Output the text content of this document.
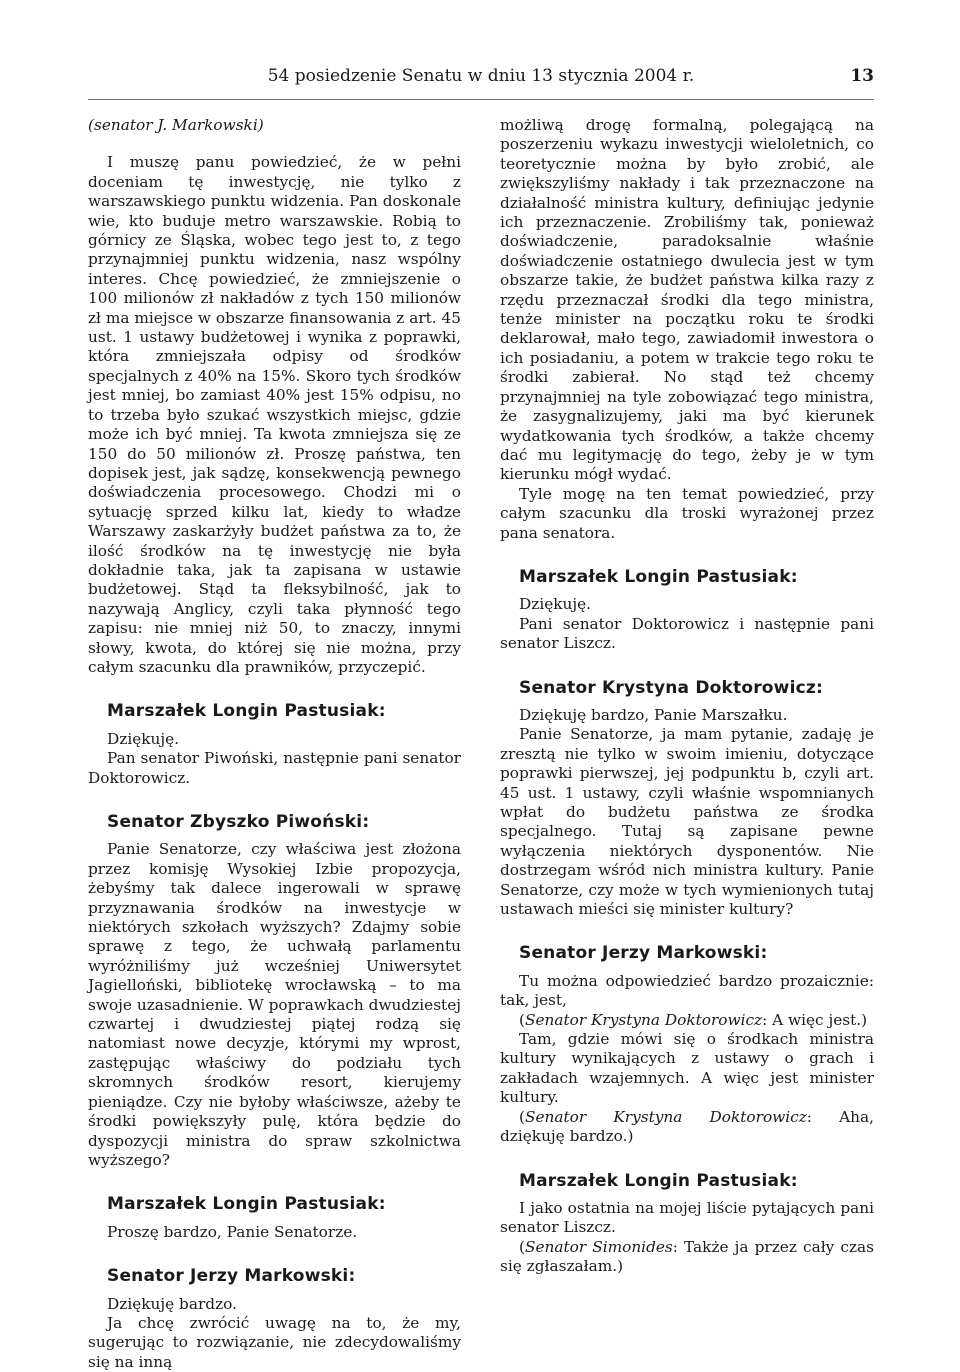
54 posiedzenie Senatu w dniu 13 stycznia 2004 r.	13

(senator J. Markowski)

I muszę panu powiedzieć, że w pełni doceniam tę inwestycję, nie tylko z warszawskiego punktu widzenia. Pan doskonale wie, kto buduje metro warszawskie. Robią to górnicy ze Śląska, wobec tego jest to, z tego przynajmniej punktu widzenia, nasz wspólny interes. Chcę powiedzieć, że zmniejszenie o 100 milionów zł nakładów z tych 150 milionów zł ma miejsce w obszarze finansowania z art. 45 ust. 1 ustawy budżetowej i wynika z poprawki, która zmniejszała odpisy od środków specjalnych z 40% na 15%. Skoro tych środków jest mniej, bo zamiast 40% jest 15% odpisu, no to trzeba było szukać wszystkich miejsc, gdzie może ich być mniej. Ta kwota zmniejsza się ze 150 do 50 milionów zł. Proszę państwa, ten dopisek jest, jak sądzę, konsekwencją pewnego doświadczenia procesowego. Chodzi mi o sytuację sprzed kilku lat, kiedy to władze Warszawy zaskarżyły budżet państwa za to, że ilość środków na tę inwestycję nie była dokładnie taka, jak ta zapisana w ustawie budżetowej. Stąd ta fleksybilność, jak to nazywają Anglicy, czyli taka płynność tego zapisu: nie mniej niż 50, to znaczy, innymi słowy, kwota, do której się nie można, przy całym szacunku dla prawników, przyczepić.

Marszałek Longin Pastusiak:

Dziękuję.

Pan senator Piwoński, następnie pani senator Doktorowicz.

Senator Zbyszko Piwoński:

Panie Senatorze, czy właściwa jest złożona przez komisję Wysokiej Izbie propozycja, żebyśmy tak dalece ingerowali w sprawę przyznawania środków na inwestycje w niektórych szkołach wyższych? Zdajmy sobie sprawę z tego, że uchwałą parlamentu wyróżniliśmy już wcześniej Uniwersytet Jagielloński, bibliotekę wrocławską – to ma swoje uzasadnienie. W poprawkach dwudziestej czwartej i dwudziestej piątej rodzą się natomiast nowe decyzje, którymi my wprost, zastępując właściwy do podziału tych skromnych środków resort, kierujemy pieniądze. Czy nie byłoby właściwsze, ażeby te środki powiększyły pulę, która będzie do dyspozycji ministra do spraw szkolnictwa wyższego?

Marszałek Longin Pastusiak:

Proszę bardzo, Panie Senatorze.

Senator Jerzy Markowski:

Dziękuję bardzo.

Ja chcę zwrócić uwagę na to, że my, sugerując to rozwiązanie, nie zdecydowaliśmy się na inną

możliwą drogę formalną, polegającą na poszerzeniu wykazu inwestycji wieloletnich, co teoretycznie można by było zrobić, ale zwiększyliśmy nakłady i tak przeznaczone na działalność ministra kultury, definiując jedynie ich przeznaczenie. Zrobiliśmy tak, ponieważ doświadczenie, paradoksalnie właśnie doświadczenie ostatniego dwulecia jest w tym obszarze takie, że budżet państwa kilka razy z rzędu przeznaczał środki dla tego ministra, tenże minister na początku roku te środki deklarował, mało tego, zawiadomił inwestora o ich posiadaniu, a potem w trakcie tego roku te środki zabierał. No stąd też chcemy przynajmniej na tyle zobowiązać tego ministra, że zasygnalizujemy, jaki ma być kierunek wydatkowania tych środków, a także chcemy dać mu legitymację do tego, żeby je w tym kierunku mógł wydać.

Tyle mogę na ten temat powiedzieć, przy całym szacunku dla troski wyrażonej przez pana senatora.

Marszałek Longin Pastusiak:

Dziękuję.

Pani senator Doktorowicz i następnie pani senator Liszcz.

Senator Krystyna Doktorowicz:

Dziękuję bardzo, Panie Marszałku.

Panie Senatorze, ja mam pytanie, zadaję je zresztą nie tylko w swoim imieniu, dotyczące poprawki pierwszej, jej podpunktu b, czyli art. 45 ust. 1 ustawy, czyli właśnie wspomnianych wpłat do budżetu państwa ze środka specjalnego. Tutaj są zapisane pewne wyłączenia niektórych dysponentów. Nie dostrzegam wśród nich ministra kultury. Panie Senatorze, czy może w tych wymienionych tutaj ustawach mieści się minister kultury?

Senator Jerzy Markowski:

Tu można odpowiedzieć bardzo prozaicznie: tak, jest,

(Senator Krystyna Doktorowicz: A więc jest.)

Tam, gdzie mówi się o środkach ministra kultury wynikających z ustawy o grach i zakładach wzajemnych. A więc jest minister kultury.

(Senator Krystyna Doktorowicz: Aha, dziękuję bardzo.)

Marszałek Longin Pastusiak:

I jako ostatnia na mojej liście pytających pani senator Liszcz.

(Senator Simonides: Także ja przez cały czas się zgłaszałam.)
